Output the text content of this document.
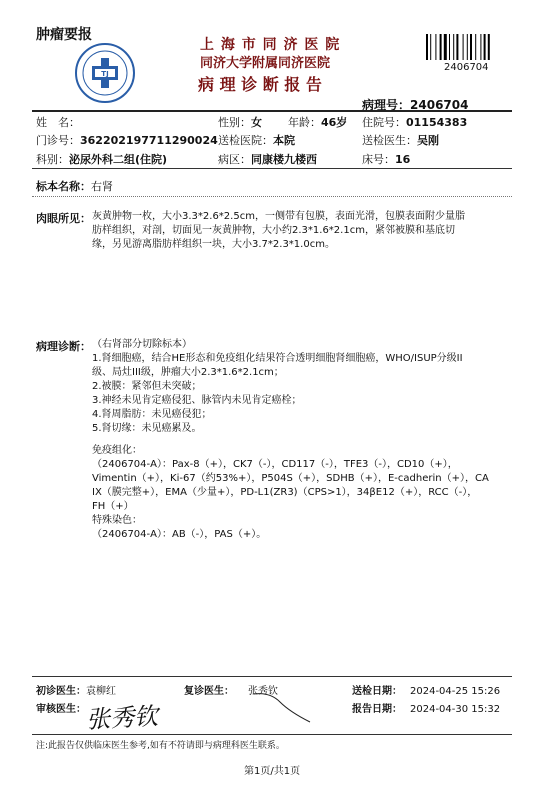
肿瘤要报
TJ
上 海 市 同 济 医 院
同济大学附属同济医院
病 理 诊 断 报 告
2406704
病理号：2406704
姓　名：	性别：女 年龄：46岁 住院号：01154383
门诊号：362202197711290024 送检医院：本院	送检医生：吴刚
科别：泌尿外科二组(住院)	病区：同康楼九楼西	床号：16
标本名称：右肾
肉眼所见： 灰黄肿物一枚，大小3.3*2.6*2.5cm，一侧带有包膜，表面光滑，包膜表面附少量脂
肪样组织，对剖，切面见一灰黄肿物，大小约2.3*1.6*2.1cm，紧邻被膜和基底切
缘，另见游离脂肪样组织一块，大小3.7*2.3*1.0cm。
病理诊断： （右肾部分切除标本）
1.肾细胞癌，结合HE形态和免疫组化结果符合透明细胞肾细胞癌，WHO/ISUP分级II
级、局灶III级，肿瘤大小2.3*1.6*2.1cm；
2.被膜：紧邻但未突破；
3.神经未见肯定癌侵犯、脉管内未见肯定癌栓；
4.肾周脂肪：未见癌侵犯；
5.肾切缘：未见癌累及。
免疫组化：
（2406704-A）：Pax-8（+），CK7（-），CD117（-），TFE3（-），CD10（+），
Vimentin（+），Ki-67（约53%+），P504S（+），SDHB（+），E-cadherin（+），CA
IX（膜完整+），EMA（少量+），PD-L1(ZR3)（CPS>1），34βE12（+），RCC（-），
FH（+）
特殊染色：
（2406704-A）：AB（-），PAS（+）。
初诊医生：袁柳红	复诊医生： 张秀钦	送检日期： 2024-04-25 15:26
审核医生： 张秀钦	报告日期： 2024-04-30 15:32
注:此报告仅供临床医生参考,如有不符请即与病理科医生联系。
第1页/共1页
